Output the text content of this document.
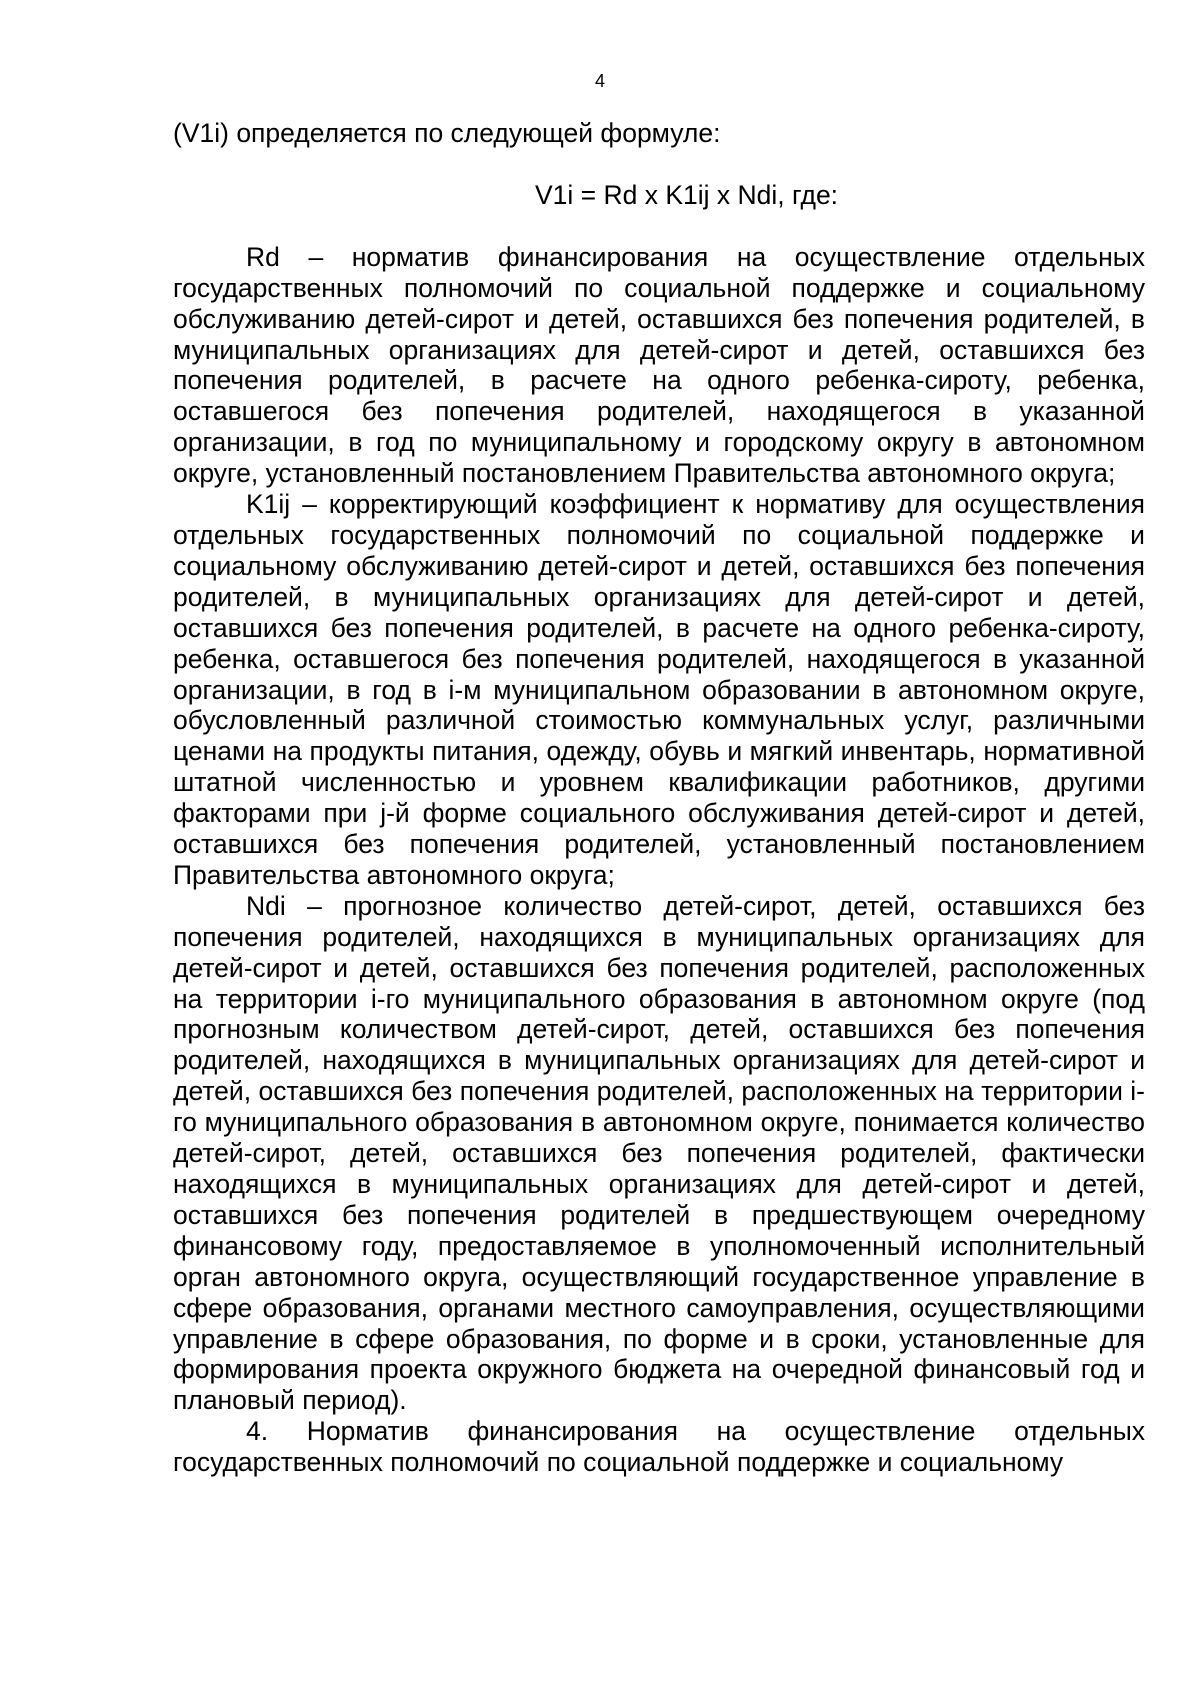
4

(V1i) определяется по следующей формуле:

V1i = Rd x K1ij x Ndi, где:

Rd – норматив финансирования на осуществление отдельных государственных полномочий по социальной поддержке и социальному обслуживанию детей-сирот и детей, оставшихся без попечения родителей, в муниципальных организациях для детей-сирот и детей, оставшихся без попечения родителей, в расчете на одного ребенка-сироту, ребенка, оставшегося без попечения родителей, находящегося в указанной организации, в год по муниципальному и городскому округу в автономном округе, установленный постановлением Правительства автономного округа;

K1ij – корректирующий коэффициент к нормативу для осуществления отдельных государственных полномочий по социальной поддержке и социальному обслуживанию детей-сирот и детей, оставшихся без попечения родителей, в муниципальных организациях для детей-сирот и детей, оставшихся без попечения родителей, в расчете на одного ребенка-сироту, ребенка, оставшегося без попечения родителей, находящегося в указанной организации, в год в i-м муниципальном образовании в автономном округе, обусловленный различной стоимостью коммунальных услуг, различными ценами на продукты питания, одежду, обувь и мягкий инвентарь, нормативной штатной численностью и уровнем квалификации работников, другими факторами при j-й форме социального обслуживания детей-сирот и детей, оставшихся без попечения родителей, установленный постановлением Правительства автономного округа;

Ndi – прогнозное количество детей-сирот, детей, оставшихся без попечения родителей, находящихся в муниципальных организациях для детей-сирот и детей, оставшихся без попечения родителей, расположенных на территории i-го муниципального образования в автономном округе (под прогнозным количеством детей-сирот, детей, оставшихся без попечения родителей, находящихся в муниципальных организациях для детей-сирот и детей, оставшихся без попечения родителей, расположенных на территории i-го муниципального образования в автономном округе, понимается количество детей-сирот, детей, оставшихся без попечения родителей, фактически находящихся в муниципальных организациях для детей-сирот и детей, оставшихся без попечения родителей в предшествующем очередному финансовому году, предоставляемое в уполномоченный исполнительный орган автономного округа, осуществляющий государственное управление в сфере образования, органами местного самоуправления, осуществляющими управление в сфере образования, по форме и в сроки, установленные для формирования проекта окружного бюджета на очередной финансовый год и плановый период).

4. Норматив финансирования на осуществление отдельных государственных полномочий по социальной поддержке и социальному
